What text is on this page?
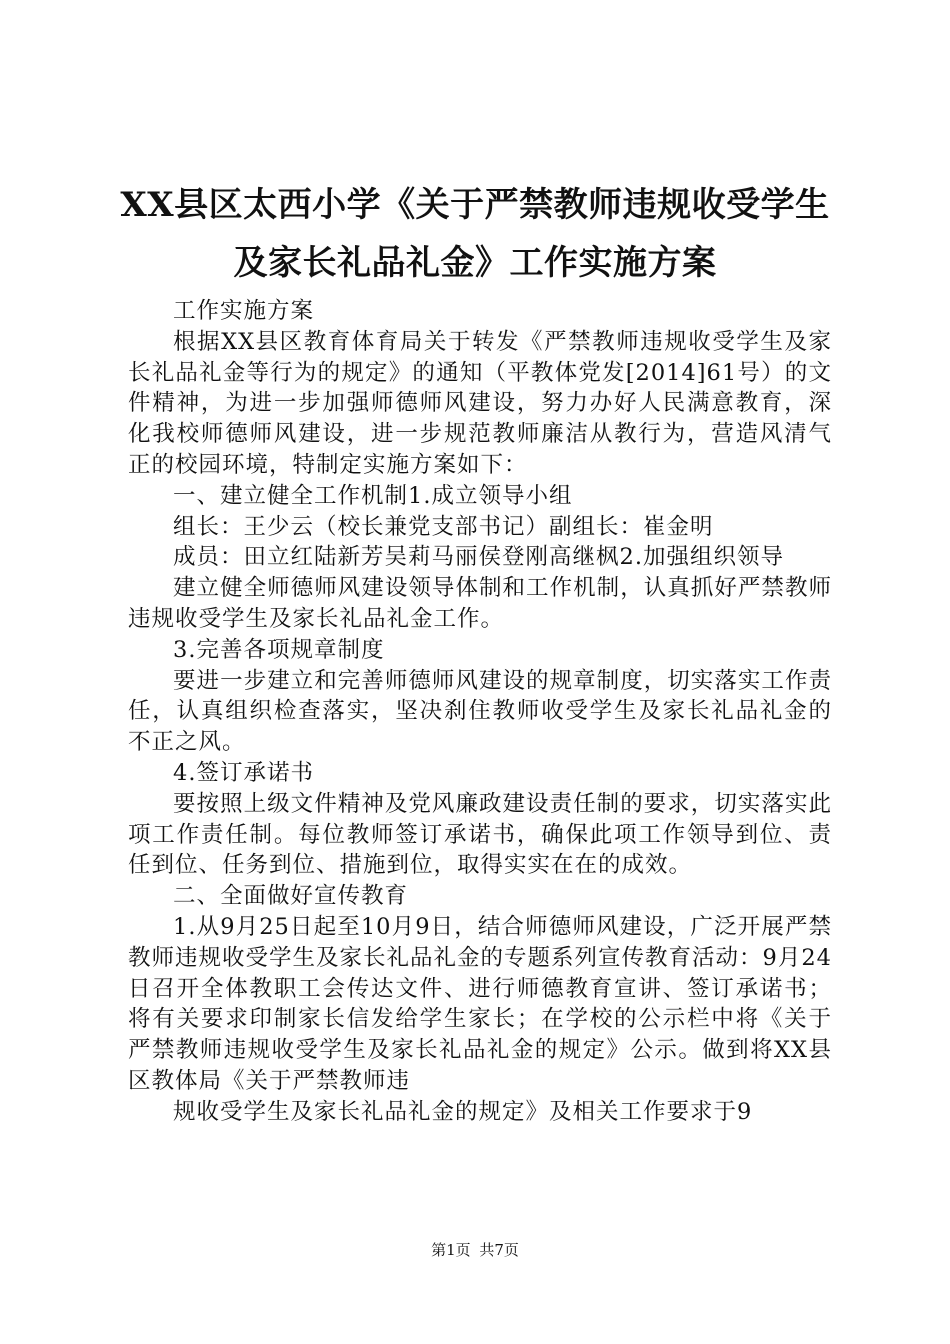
XX县区太西小学《关于严禁教师违规收受学生及家长礼品礼金》工作实施方案

工作实施方案

根据XX县区教育体育局关于转发《严禁教师违规收受学生及家长礼品礼金等行为的规定》的通知（平教体党发[2014]61号）的文件精神，为进一步加强师德师风建设，努力办好人民满意教育，深化我校师德师风建设，进一步规范教师廉洁从教行为，营造风清气正的校园环境，特制定实施方案如下：

一、建立健全工作机制1.成立领导小组

组长：王少云（校长兼党支部书记）副组长：崔金明

成员：田立红陆新芳吴莉马丽侯登刚高继枫2.加强组织领导

建立健全师德师风建设领导体制和工作机制，认真抓好严禁教师违规收受学生及家长礼品礼金工作。

3.完善各项规章制度

要进一步建立和完善师德师风建设的规章制度，切实落实工作责任，认真组织检查落实，坚决刹住教师收受学生及家长礼品礼金的不正之风。

4.签订承诺书

要按照上级文件精神及党风廉政建设责任制的要求，切实落实此项工作责任制。每位教师签订承诺书，确保此项工作领导到位、责任到位、任务到位、措施到位，取得实实在在的成效。

二、全面做好宣传教育

1.从9月25日起至10月9日，结合师德师风建设，广泛开展严禁教师违规收受学生及家长礼品礼金的专题系列宣传教育活动：9月24日召开全体教职工会传达文件、进行师德教育宣讲、签订承诺书；将有关要求印制家长信发给学生家长；在学校的公示栏中将《关于严禁教师违规收受学生及家长礼品礼金的规定》公示。做到将XX县区教体局《关于严禁教师违

规收受学生及家长礼品礼金的规定》及相关工作要求于9

第1页 共7页
